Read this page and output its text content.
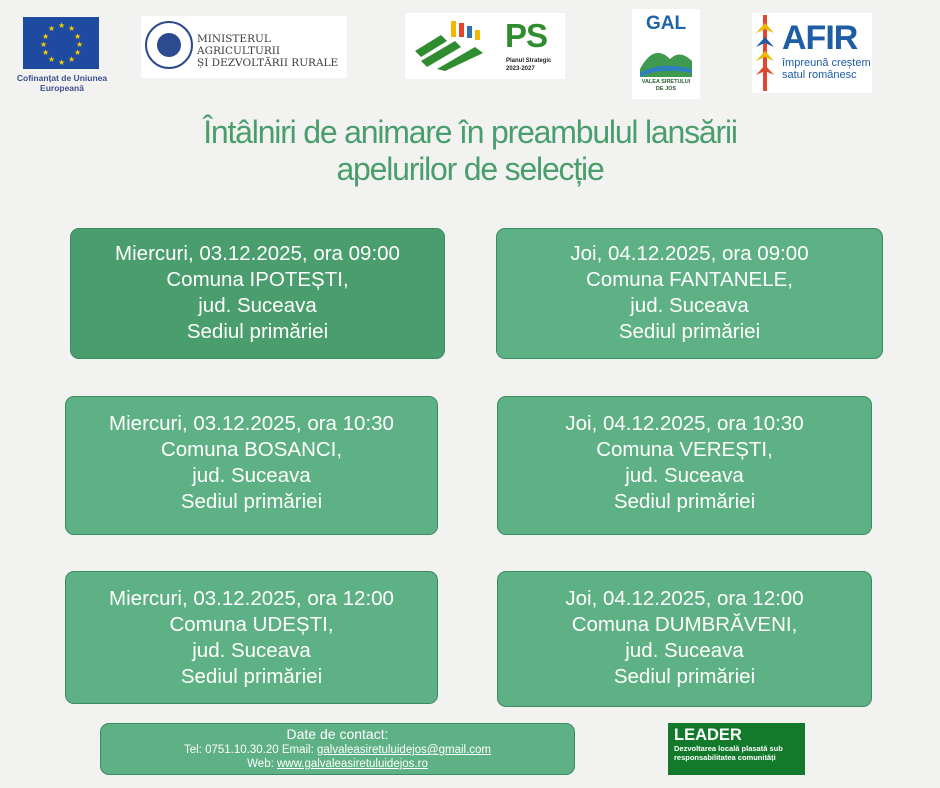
★ ★
★
★
★
★
★
★
★
★
★
★
Cofinanțat de Uniunea Europeană
MINISTERUL AGRICULTURII
ȘI DEZVOLTĂRII RURALE
PS
Planul Strategic
2023-2027
GAL
VALEA SIRETULUI
DE JOS
AFIR
împreună creștem
satul românesc
Întâlniri de animare în preambulul lansării
apelurilor de selecție
Miercuri, 03.12.2025, ora 09:00
Comuna IPOTEȘTI,
jud. Suceava
Sediul primăriei
Joi, 04.12.2025, ora 09:00
Comuna FANTANELE,
jud. Suceava
Sediul primăriei
Miercuri, 03.12.2025, ora 10:30
Comuna BOSANCI,
jud. Suceava
Sediul primăriei
Joi, 04.12.2025, ora 10:30
Comuna VEREȘTI,
jud. Suceava
Sediul primăriei
Miercuri, 03.12.2025, ora 12:00
Comuna UDEȘTI,
jud. Suceava
Sediul primăriei
Joi, 04.12.2025, ora 12:00
Comuna DUMBRĂVENI,
jud. Suceava
Sediul primăriei
Date de contact:
Tel: 0751.10.30.20 Email: galvaleasiretuluidejos@gmail.com
Web: www.galvaleasiretuluidejos.ro
LEADER
Dezvoltarea locală plasată sub responsabilitatea comunități
